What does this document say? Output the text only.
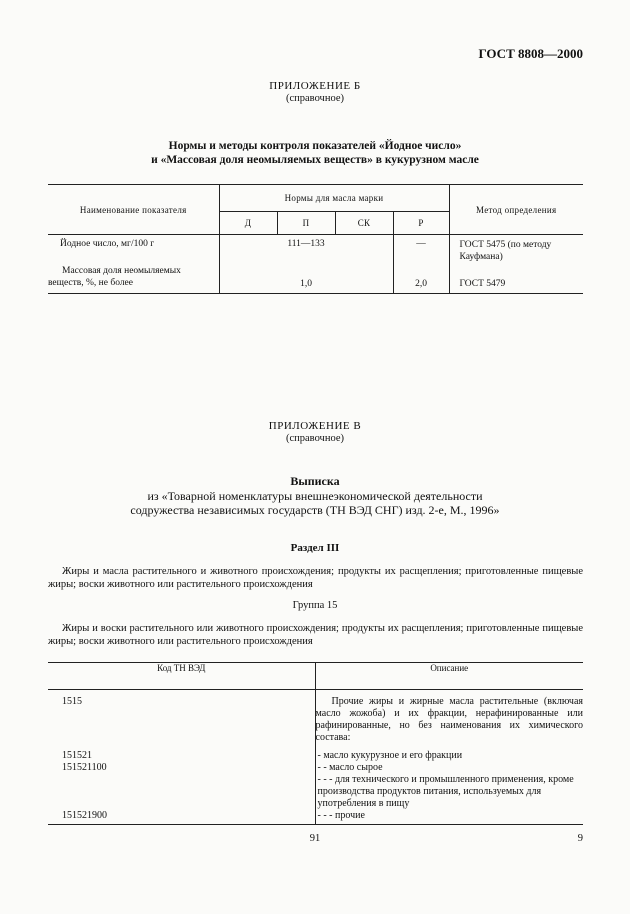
ГОСТ 8808—2000
ПРИЛОЖЕНИЕ Б
(справочное)
Нормы и методы контроля показателей «Йодное число»
и «Массовая доля неомыляемых веществ» в кукурузном масле
Наименование показателя	Нормы для масла марки				Метод определения
	Д	П	СК	Р	
Йодное число, мг/100 г	111—133			—	ГОСТ 5475 (по методу Кауфмана)

Массовая доля неомыляемых
веществ, %, не более	1,0			2,0	ГОСТ 5479
ПРИЛОЖЕНИЕ В
(справочное)
Выписка
из «Товарной номенклатуры внешнеэкономической деятельности
содружества независимых государств (ТН ВЭД СНГ) изд. 2-е, М., 1996»
Раздел III
Жиры и масла растительного и животного происхождения; продукты их расщепления; приготовленные пищевые жиры; воски животного или растительного происхождения
Группа 15
Жиры и воски растительного или животного происхождения; продукты их расщепления; приготовленные пищевые жиры; воски животного или растительного происхождения
Код ТН ВЭД	Описание
1515	Прочие жиры и жирные масла растительные (включая масло жожоба) и их фракции, нерафинированные или рафинированные, но без наименования их химического состава:
151521	- масло кукурузное и его фракции
151521100	- - масло сырое
	- - - для технического и промышленного применения, кроме производства продуктов питания, используемых для употребления в пищу
151521900	- - - прочие
91	9
